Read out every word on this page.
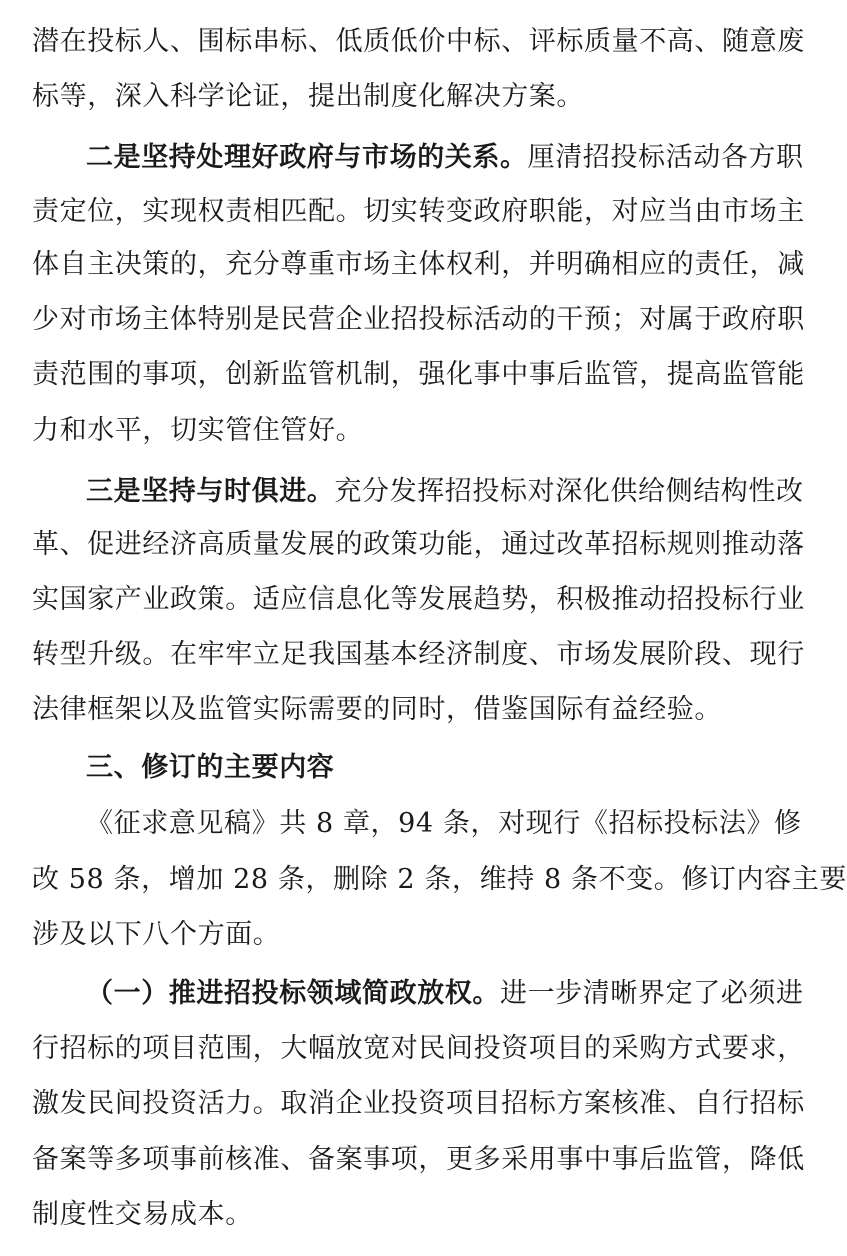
潜在投标人、围标串标、低质低价中标、评标质量不高、随意废
标等，深入科学论证，提出制度化解决方案。
二是坚持处理好政府与市场的关系。厘清招投标活动各方职
责定位，实现权责相匹配。切实转变政府职能，对应当由市场主
体自主决策的，充分尊重市场主体权利，并明确相应的责任，减
少对市场主体特别是民营企业招投标活动的干预；对属于政府职
责范围的事项，创新监管机制，强化事中事后监管，提高监管能
力和水平，切实管住管好。
三是坚持与时俱进。充分发挥招投标对深化供给侧结构性改
革、促进经济高质量发展的政策功能，通过改革招标规则推动落
实国家产业政策。适应信息化等发展趋势，积极推动招投标行业
转型升级。在牢牢立足我国基本经济制度、市场发展阶段、现行
法律框架以及监管实际需要的同时，借鉴国际有益经验。
三、修订的主要内容
《征求意见稿》共 8 章，94 条，对现行《招标投标法》修
改 58 条，增加 28 条，删除 2 条，维持 8 条不变。修订内容主要
涉及以下八个方面。
（一）推进招投标领域简政放权。进一步清晰界定了必须进
行招标的项目范围，大幅放宽对民间投资项目的采购方式要求，
激发民间投资活力。取消企业投资项目招标方案核准、自行招标
备案等多项事前核准、备案事项，更多采用事中事后监管，降低
制度性交易成本。
